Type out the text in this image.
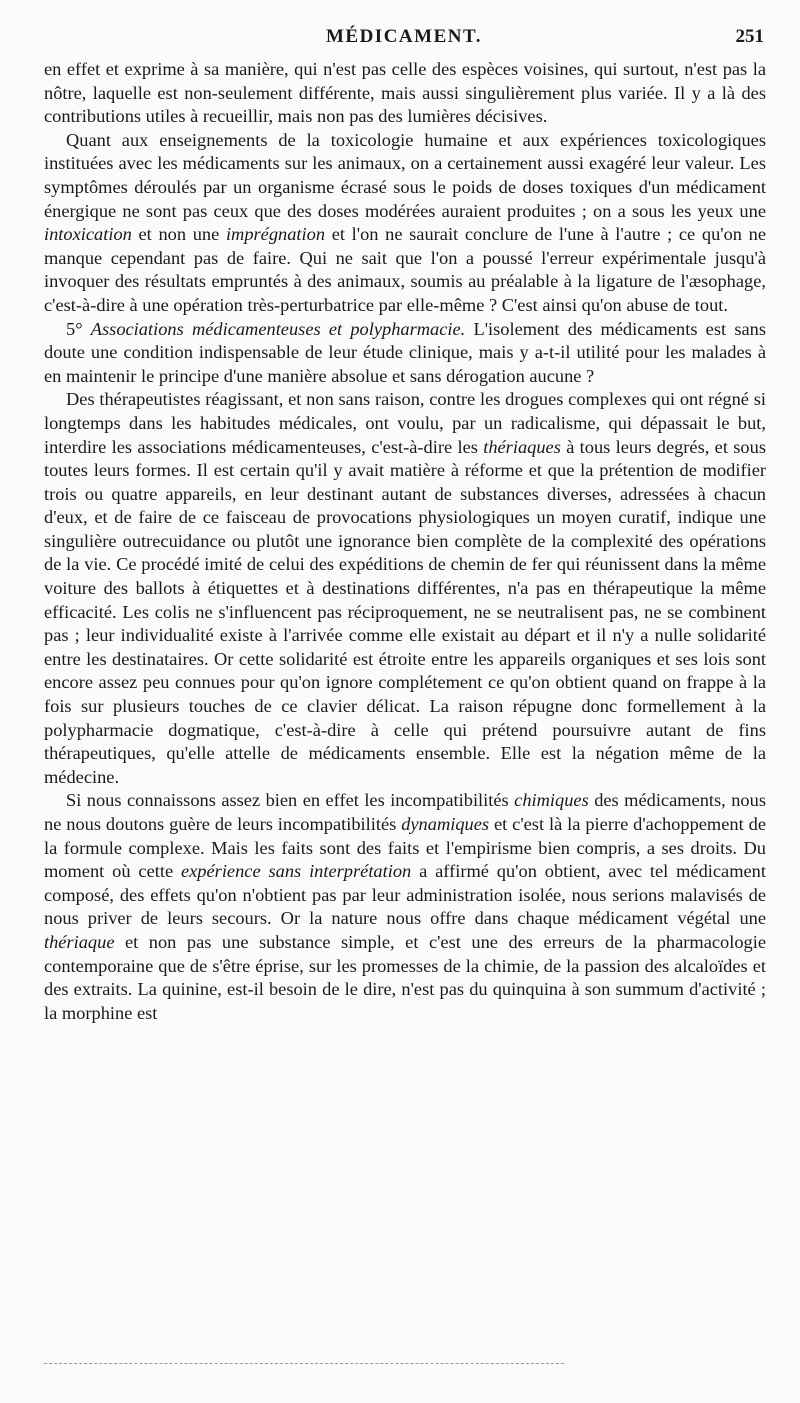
MÉDICAMENT.	251

en effet et exprime à sa manière, qui n'est pas celle des espèces voisines, qui surtout, n'est pas la nôtre, laquelle est non-seulement différente, mais aussi singulièrement plus variée. Il y a là des contributions utiles à recueillir, mais non pas des lumières décisives.

Quant aux enseignements de la toxicologie humaine et aux expériences toxicologiques instituées avec les médicaments sur les animaux, on a certainement aussi exagéré leur valeur. Les symptômes déroulés par un organisme écrasé sous le poids de doses toxiques d'un médicament énergique ne sont pas ceux que des doses modérées auraient produites ; on a sous les yeux une intoxication et non une imprégnation et l'on ne saurait conclure de l'une à l'autre ; ce qu'on ne manque cependant pas de faire. Qui ne sait que l'on a poussé l'erreur expérimentale jusqu'à invoquer des résultats empruntés à des animaux, soumis au préalable à la ligature de l'æsophage, c'est-à-dire à une opération très-perturbatrice par elle-même ? C'est ainsi qu'on abuse de tout.

5° Associations médicamenteuses et polypharmacie. L'isolement des médicaments est sans doute une condition indispensable de leur étude clinique, mais y a-t-il utilité pour les malades à en maintenir le principe d'une manière absolue et sans dérogation aucune ?

Des thérapeutistes réagissant, et non sans raison, contre les drogues complexes qui ont régné si longtemps dans les habitudes médicales, ont voulu, par un radicalisme, qui dépassait le but, interdire les associations médicamenteuses, c'est-à-dire les thériaques à tous leurs degrés, et sous toutes leurs formes. Il est certain qu'il y avait matière à réforme et que la prétention de modifier trois ou quatre appareils, en leur destinant autant de substances diverses, adressées à chacun d'eux, et de faire de ce faisceau de provocations physiologiques un moyen curatif, indique une singulière outrecuidance ou plutôt une ignorance bien complète de la complexité des opérations de la vie. Ce procédé imité de celui des expéditions de chemin de fer qui réunissent dans la même voiture des ballots à étiquettes et à destinations différentes, n'a pas en thérapeutique la même efficacité. Les colis ne s'influencent pas réciproquement, ne se neutralisent pas, ne se combinent pas ; leur individualité existe à l'arrivée comme elle existait au départ et il n'y a nulle solidarité entre les destinataires. Or cette solidarité est étroite entre les appareils organiques et ses lois sont encore assez peu connues pour qu'on ignore complétement ce qu'on obtient quand on frappe à la fois sur plusieurs touches de ce clavier délicat. La raison répugne donc formellement à la polypharmacie dogmatique, c'est-à-dire à celle qui prétend poursuivre autant de fins thérapeutiques, qu'elle attelle de médicaments ensemble. Elle est la négation même de la médecine.

Si nous connaissons assez bien en effet les incompatibilités chimiques des médicaments, nous ne nous doutons guère de leurs incompatibilités dynamiques et c'est là la pierre d'achoppement de la formule complexe. Mais les faits sont des faits et l'empirisme bien compris, a ses droits. Du moment où cette expérience sans interprétation a affirmé qu'on obtient, avec tel médicament composé, des effets qu'on n'obtient pas par leur administration isolée, nous serions malavisés de nous priver de leurs secours. Or la nature nous offre dans chaque médicament végétal une thériaque et non pas une substance simple, et c'est une des erreurs de la pharmacologie contemporaine que de s'être éprise, sur les promesses de la chimie, de la passion des alcaloïdes et des extraits. La quinine, est-il besoin de le dire, n'est pas du quinquina à son summum d'activité ; la morphine est
